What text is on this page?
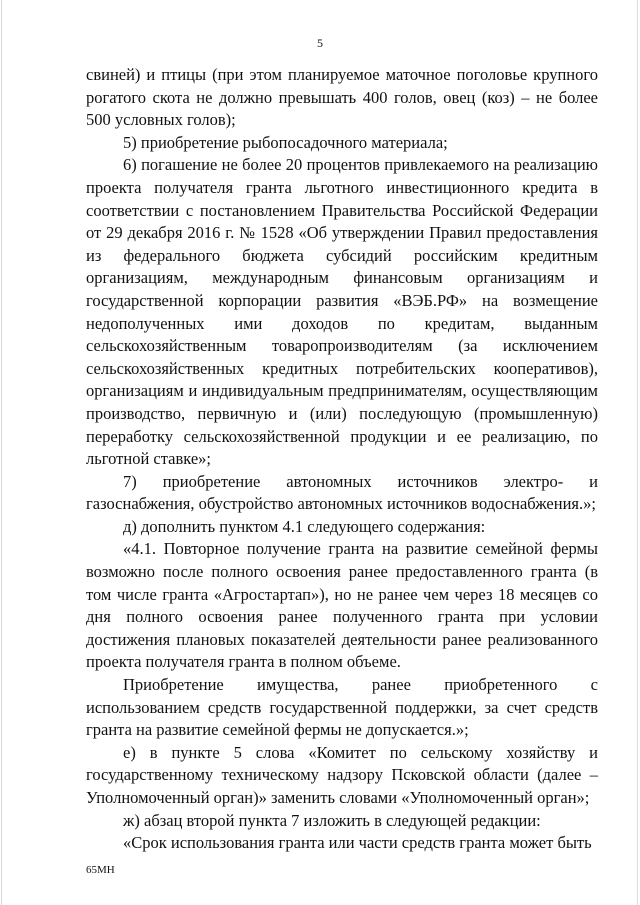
5

свиней) и птицы (при этом планируемое маточное поголовье крупного рогатого скота не должно превышать 400 голов, овец (коз) – не более 500 условных голов);

5) приобретение рыбопосадочного материала;

6) погашение не более 20 процентов привлекаемого на реализацию проекта получателя гранта льготного инвестиционного кредита в соответствии с постановлением Правительства Российской Федерации от 29 декабря 2016 г. № 1528 «Об утверждении Правил предоставления из федерального бюджета субсидий российским кредитным организациям, международным финансовым организациям и государственной корпорации развития «ВЭБ.РФ» на возмещение недополученных ими доходов по кредитам, выданным сельскохозяйственным товаропроизводителям (за исключением сельскохозяйственных кредитных потребительских кооперативов), организациям и индивидуальным предпринимателям, осуществляющим производство, первичную и (или) последующую (промышленную) переработку сельскохозяйственной продукции и ее реализацию, по льготной ставке»;

7) приобретение автономных источников электро- и газоснабжения, обустройство автономных источников водоснабжения.»;

д) дополнить пунктом 4.1 следующего содержания:

«4.1. Повторное получение гранта на развитие семейной фермы возможно после полного освоения ранее предоставленного гранта (в том числе гранта «Агростартап»), но не ранее чем через 18 месяцев со дня полного освоения ранее полученного гранта при условии достижения плановых показателей деятельности ранее реализованного проекта получателя гранта в полном объеме.

Приобретение имущества, ранее приобретенного с использованием средств государственной поддержки, за счет средств гранта на развитие семейной фермы не допускается.»;

е) в пункте 5 слова «Комитет по сельскому хозяйству и государственному техническому надзору Псковской области (далее – Уполномоченный орган)» заменить словами «Уполномоченный орган»;

ж) абзац второй пункта 7 изложить в следующей редакции:

«Срок использования гранта или части средств гранта может быть

65МН
